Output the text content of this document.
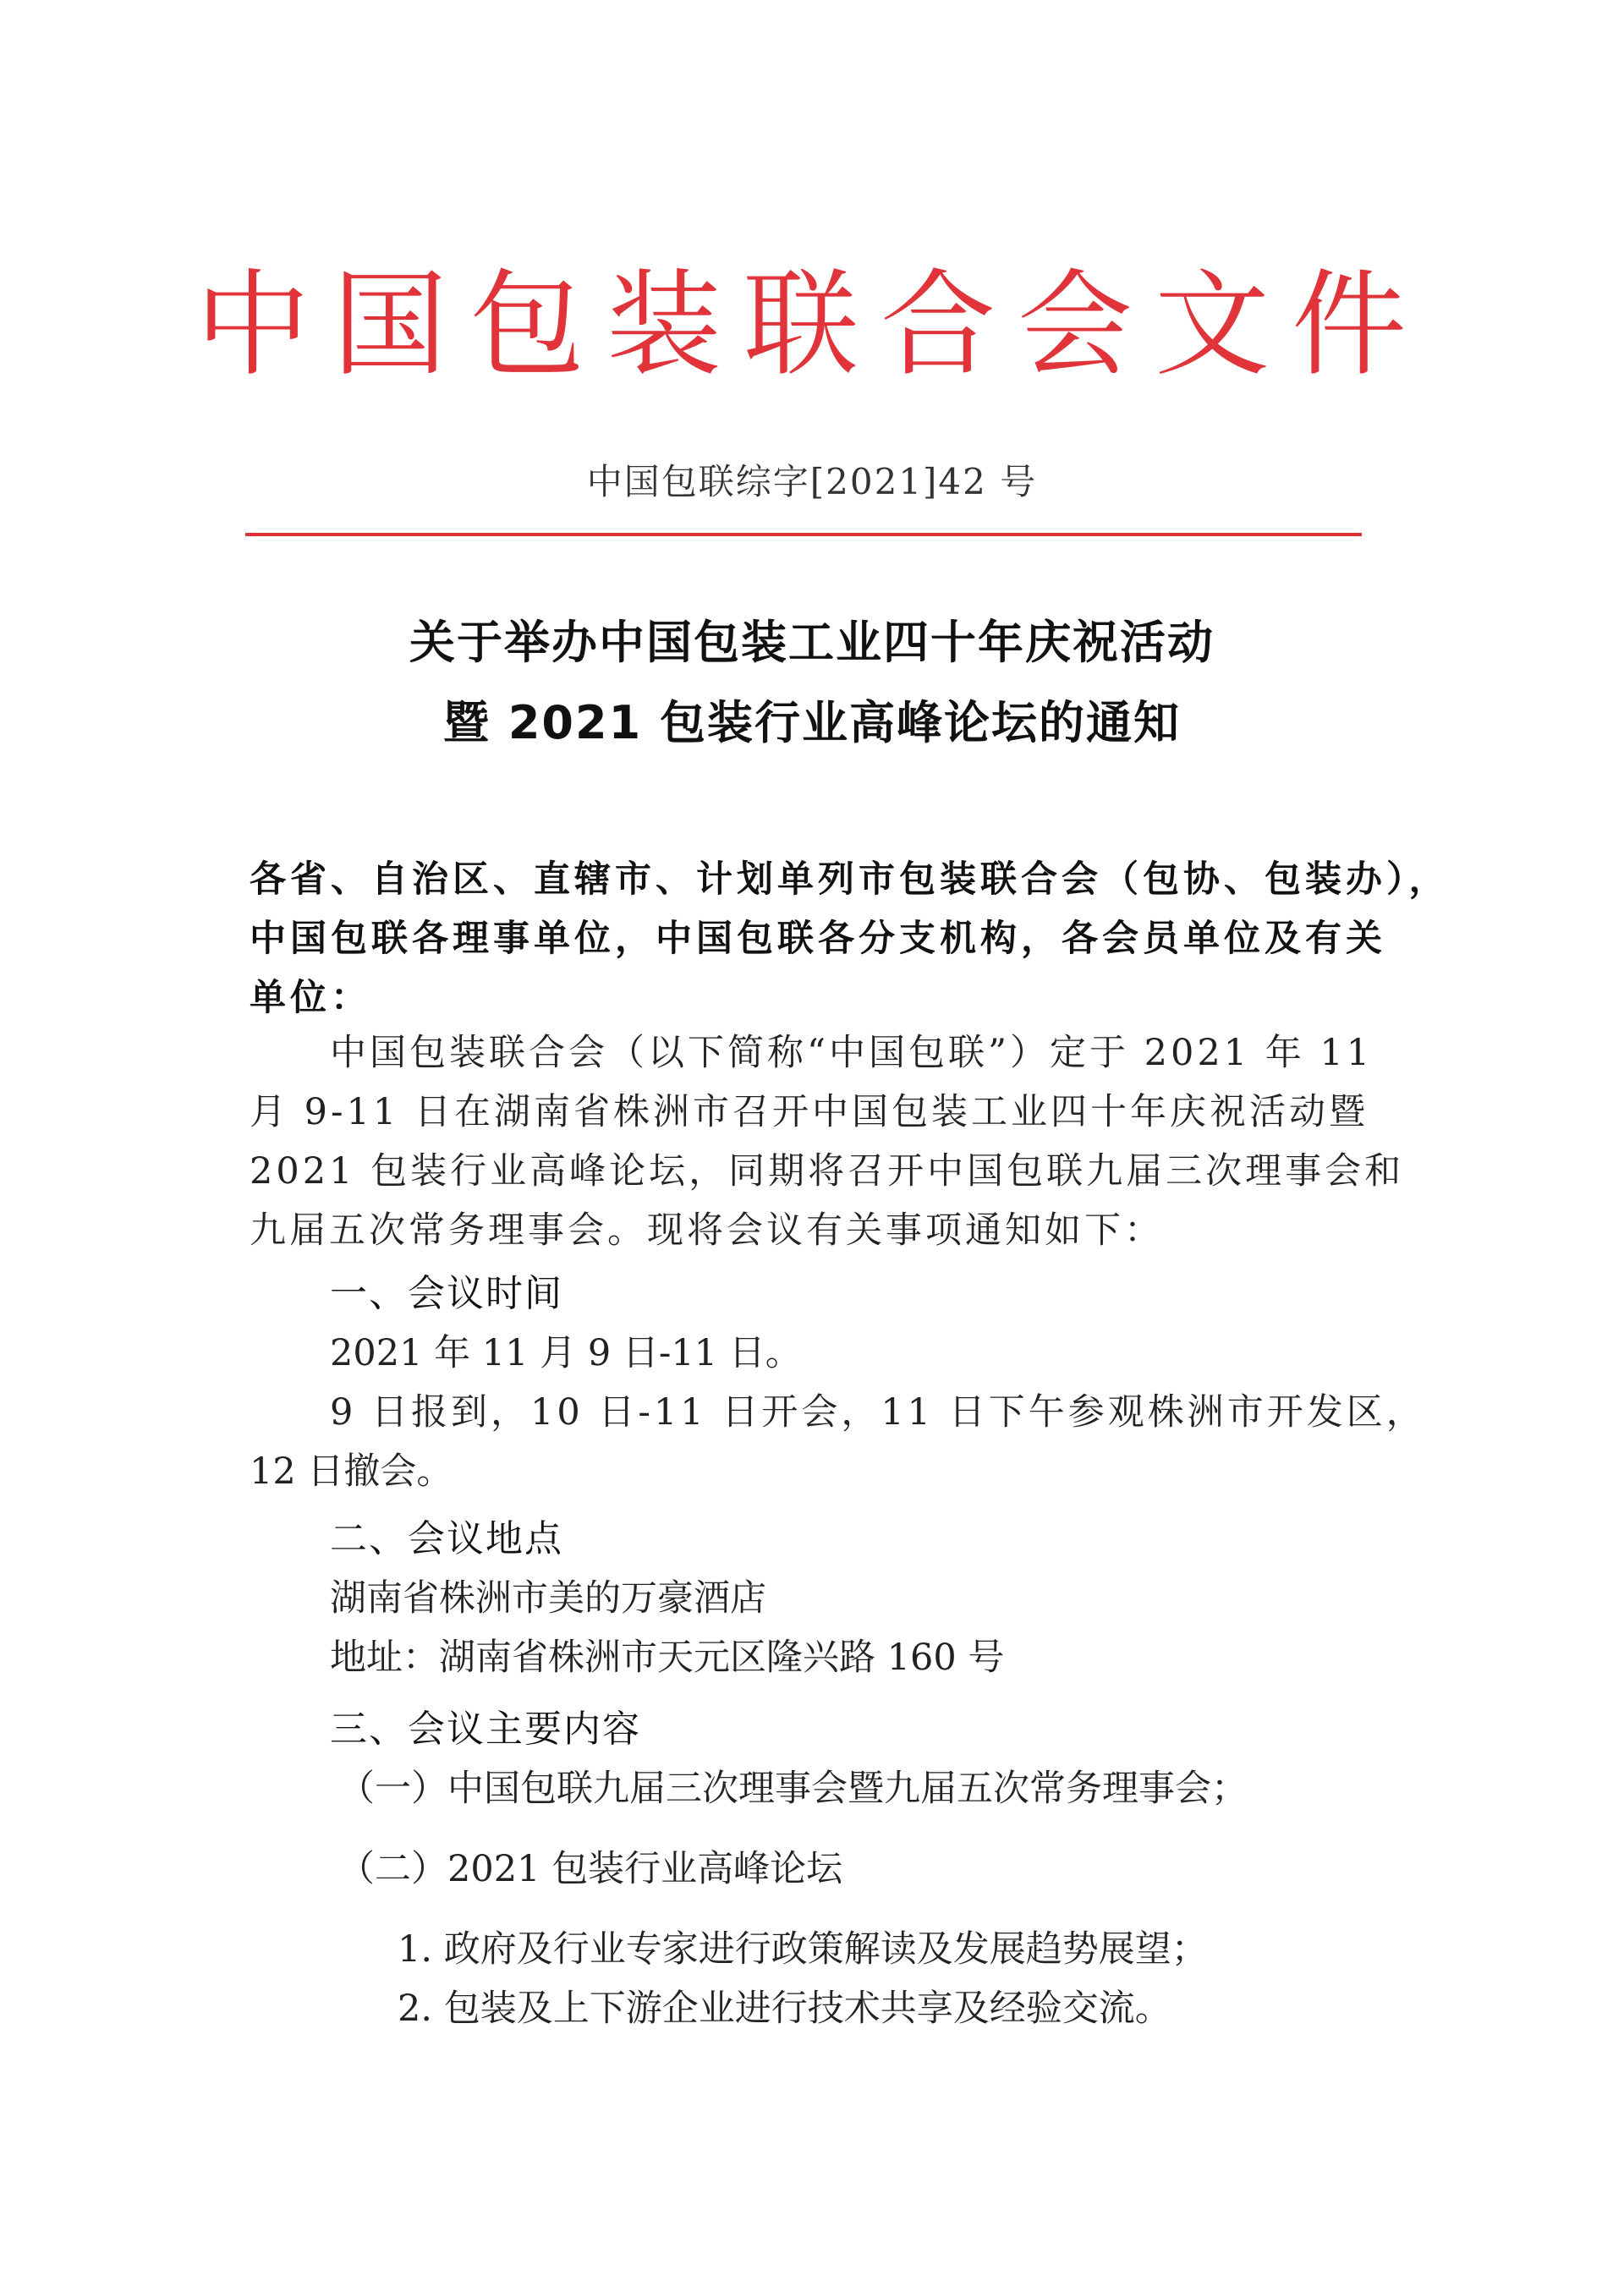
中国包装联合会文件
中国包联综字[2021]42 号
关于举办中国包装工业四十年庆祝活动
暨 2021 包装行业高峰论坛的通知
各省、自治区、直辖市、计划单列市包装联合会（包协、包装办），
中国包联各理事单位，中国包联各分支机构，各会员单位及有关
单位：
中国包装联合会（以下简称“中国包联”）定于 2021 年 11
月 9-11 日在湖南省株洲市召开中国包装工业四十年庆祝活动暨
2021 包装行业高峰论坛，同期将召开中国包联九届三次理事会和
九届五次常务理事会。现将会议有关事项通知如下：
一、会议时间
2021 年 11 月 9 日-11 日。
9 日报到，10 日-11 日开会，11 日下午参观株洲市开发区，
12 日撤会。
二、会议地点
湖南省株洲市美的万豪酒店
地址：湖南省株洲市天元区隆兴路 160 号
三、会议主要内容
（一）中国包联九届三次理事会暨九届五次常务理事会；
（二）2021 包装行业高峰论坛
1. 政府及行业专家进行政策解读及发展趋势展望；
2. 包装及上下游企业进行技术共享及经验交流。
